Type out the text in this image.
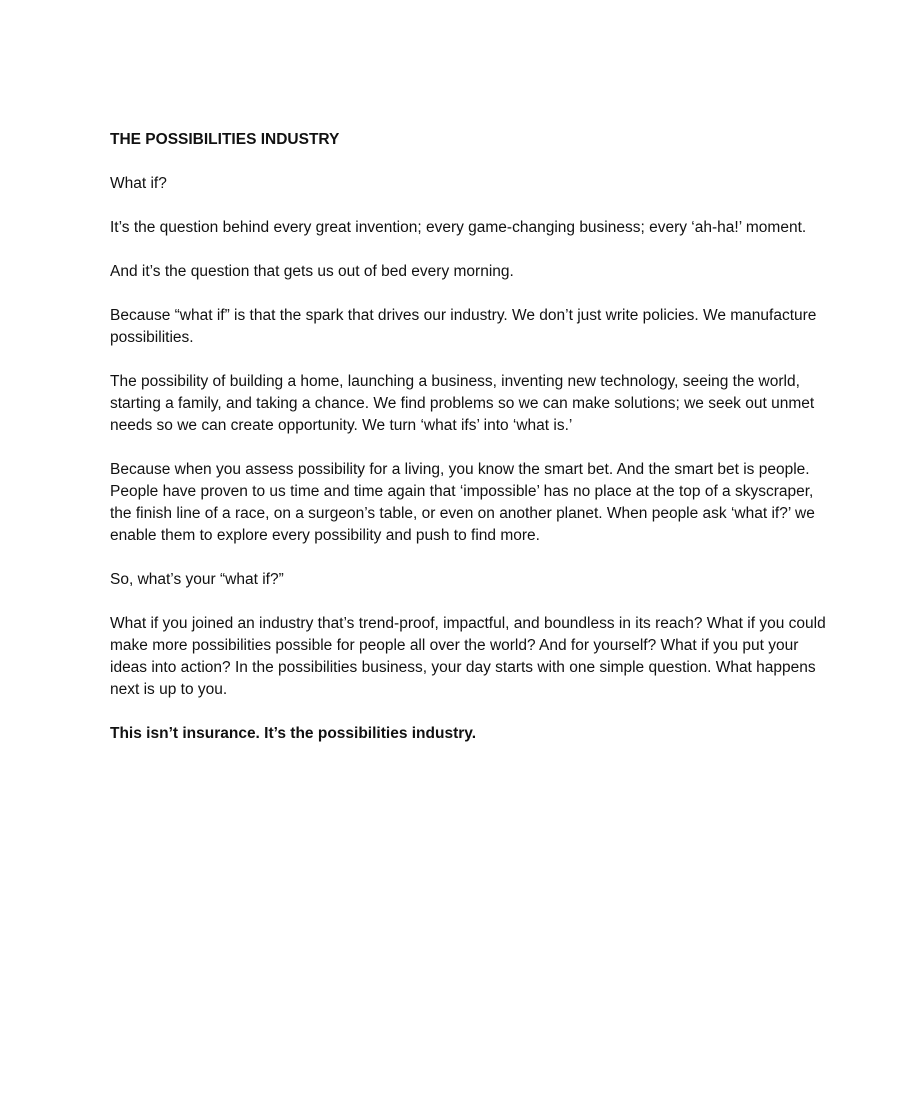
THE POSSIBILITIES INDUSTRY

What if?

It’s the question behind every great invention; every game-changing business; every ‘ah-ha!’ moment.

And it’s the question that gets us out of bed every morning.

Because “what if” is that the spark that drives our industry. We don’t just write policies. We manufacture possibilities.

The possibility of building a home, launching a business, inventing new technology, seeing the world, starting a family, and taking a chance. We find problems so we can make solutions; we seek out unmet needs so we can create opportunity. We turn ‘what ifs’ into ‘what is.’

Because when you assess possibility for a living, you know the smart bet. And the smart bet is people. People have proven to us time and time again that ‘impossible’ has no place at the top of a skyscraper, the finish line of a race, on a surgeon’s table, or even on another planet. When people ask ‘what if?’ we enable them to explore every possibility and push to find more.

So, what’s your “what if?”

What if you joined an industry that’s trend-proof, impactful, and boundless in its reach? What if you could make more possibilities possible for people all over the world? And for yourself? What if you put your ideas into action? In the possibilities business, your day starts with one simple question. What happens next is up to you.

This isn’t insurance. It’s the possibilities industry.
